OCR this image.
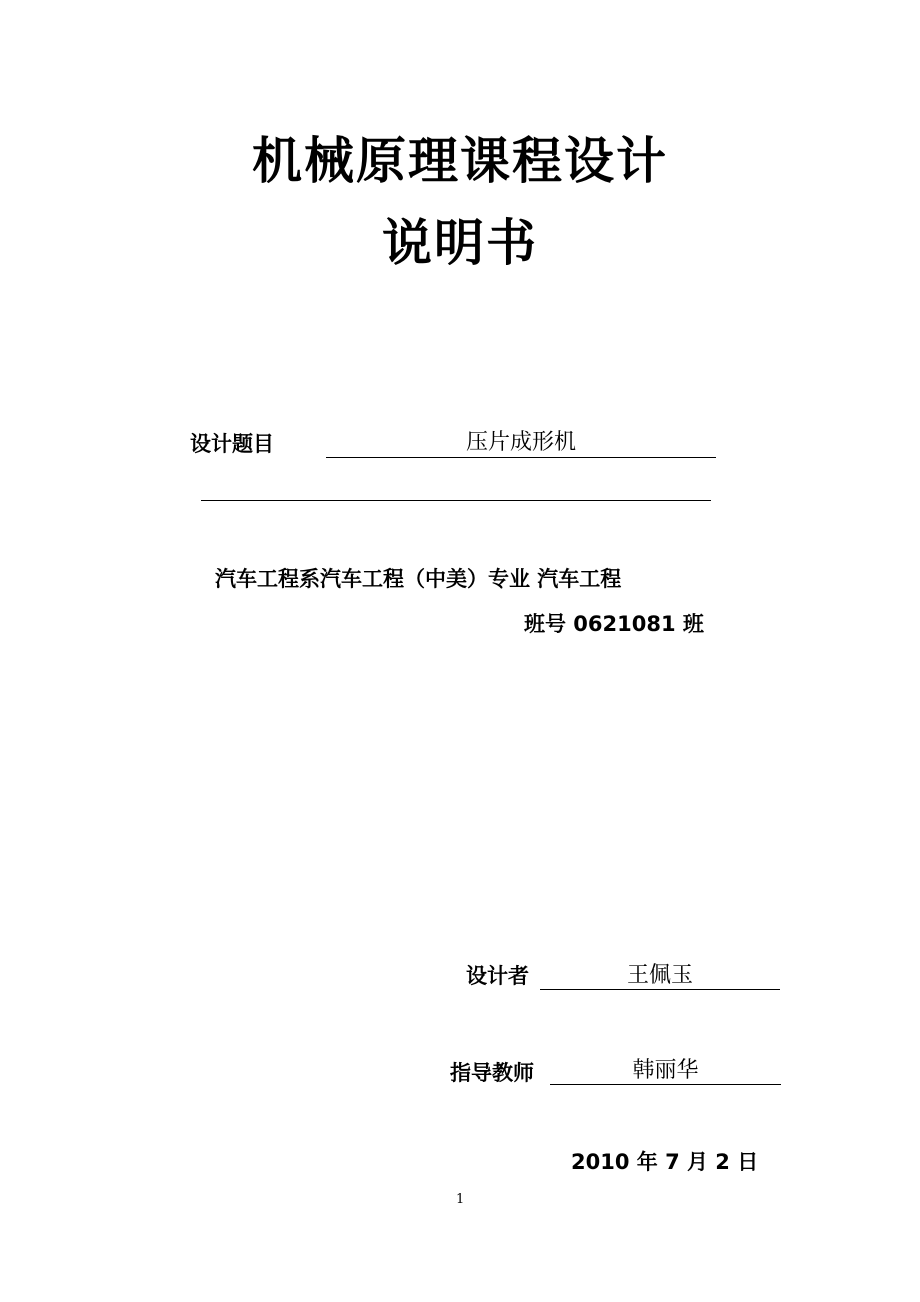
机械原理课程设计
说明书
设计题目	压片成形机
汽车工程系汽车工程（中美）专业 汽车工程
班号 0621081 班
设计者	王佩玉
指导教师	韩丽华
2010 年 7 月 2 日
1
